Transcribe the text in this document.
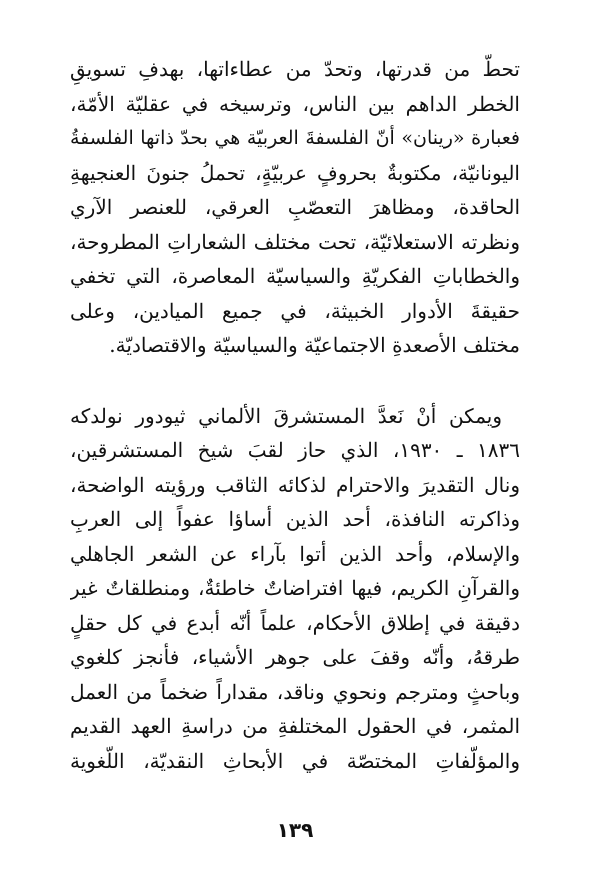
تحطّ من قدرتها، وتحدّ من عطاءاتها، بهدفِ تسويقِ
الخطر الداهم بين الناس، وترسيخه في عقليّة الأمّة،
فعبارة «رينان» أنّ الفلسفةَ العربيّة هي بحدّ ذاتها الفلسفةُ
اليونانيّة، مكتوبةٌ بحروفٍ عربيّةٍ، تحملُ جنونَ العنجيهةِ
الحاقدة، ومظاهرَ التعصّبِ العرقي، للعنصر الآري
ونظرته الاستعلائيّة، تحت مختلف الشعاراتِ المطروحة،
والخطاباتِ الفكريّةِ والسياسيّة المعاصرة، التي تخفي
حقيقةَ الأدوار الخبيثة، في جميع الميادين، وعلى
مختلف الأصعدةِ الاجتماعيّة والسياسيّة والاقتصاديّة.
ويمكن أنْ نَعدَّ المستشرقَ الألماني ثيودور نولدكه
١٨٣٦ ـ ١٩٣٠، الذي حاز لقبَ شيخ المستشرقين،
ونال التقديرَ والاحترام لذكائه الثاقب ورؤيته الواضحة،
وذاكرته النافذة، أحد الذين أساؤا عفواً إلى العربِ
والإسلام، وأحد الذين أتوا بآراء عن الشعر الجاهلي
والقرآنِ الكريم، فيها افتراضاتٌ خاطئةٌ، ومنطلقاتٌ غير
دقيقة في إطلاق الأحكام، علماً أنّه أبدع في كل حقلٍ
طرقهُ، وأنّه وقفَ على جوهر الأشياء، فأنجز كلغوي
وباحثٍ ومترجم ونحوي وناقد، مقداراً ضخماً من العمل
المثمر، في الحقول المختلفةِ من دراسةِ العهد القديم
والمؤلّفاتِ المختصّة في الأبحاثِ النقديّة، اللّغوية
١٣٩
